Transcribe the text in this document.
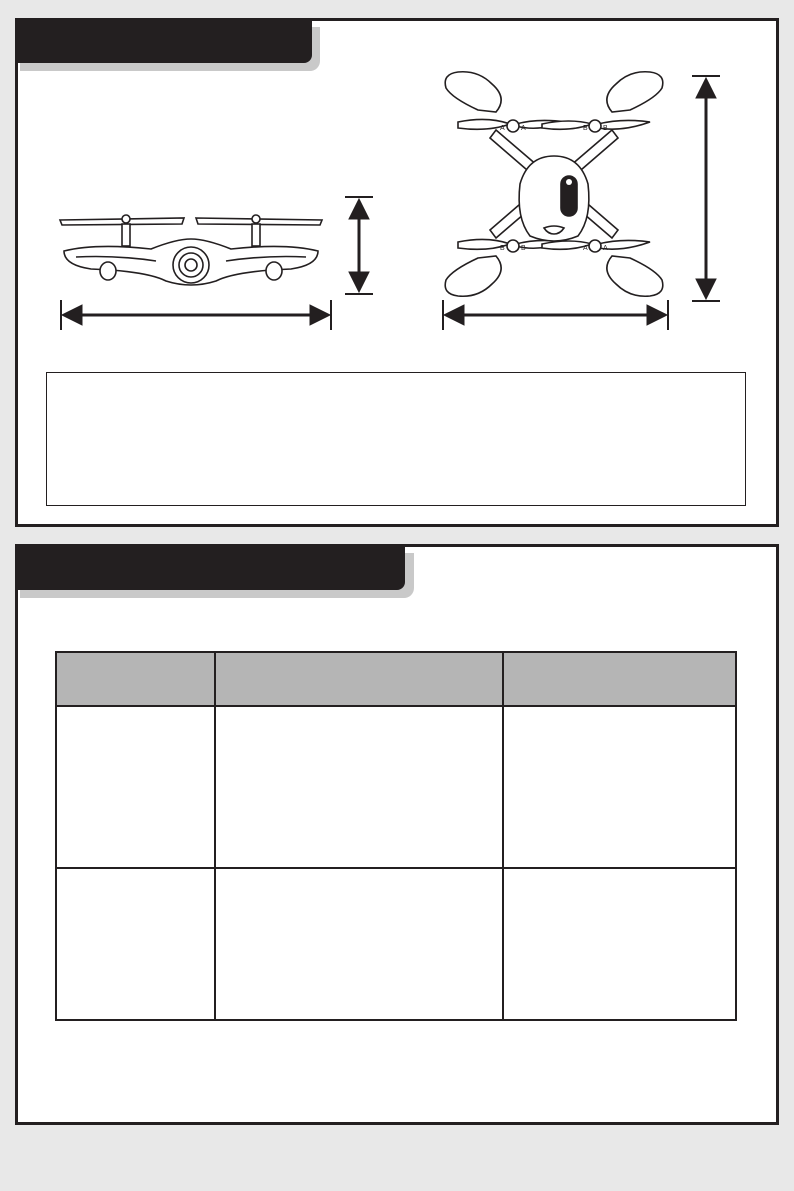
A A	B B
B B	A A
